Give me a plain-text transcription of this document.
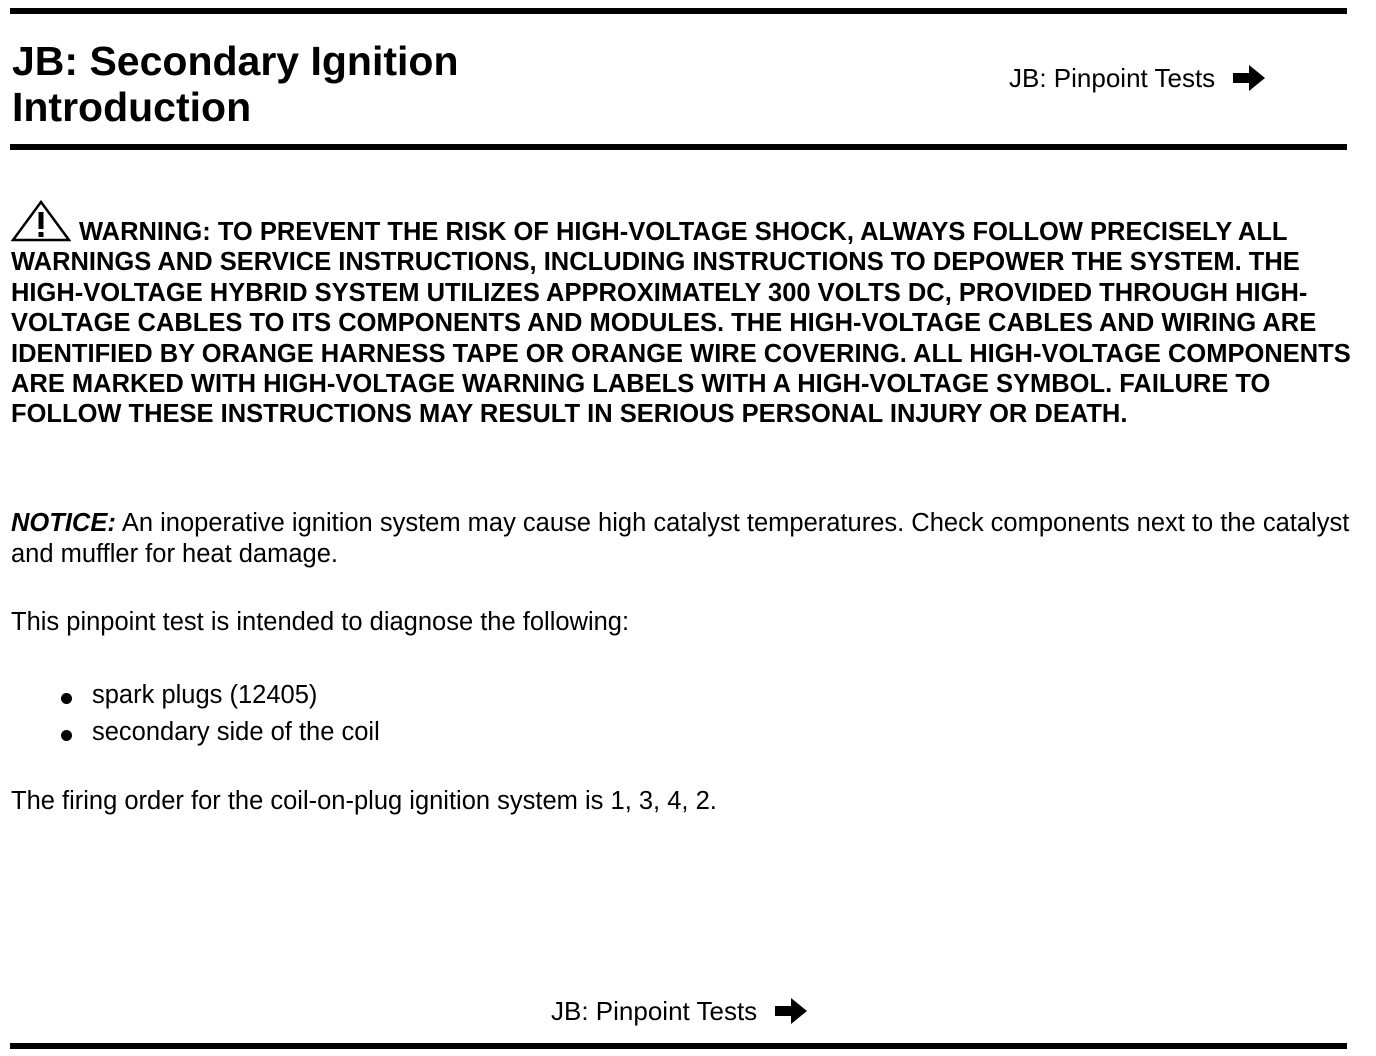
JB: Secondary Ignition
Introduction
JB: Pinpoint Tests

WARNING: TO PREVENT THE RISK OF HIGH-VOLTAGE SHOCK, ALWAYS FOLLOW PRECISELY ALL WARNINGS AND SERVICE INSTRUCTIONS, INCLUDING INSTRUCTIONS TO DEPOWER THE SYSTEM. THE HIGH-VOLTAGE HYBRID SYSTEM UTILIZES APPROXIMATELY 300 VOLTS DC, PROVIDED THROUGH HIGH-VOLTAGE CABLES TO ITS COMPONENTS AND MODULES. THE HIGH-VOLTAGE CABLES AND WIRING ARE IDENTIFIED BY ORANGE HARNESS TAPE OR ORANGE WIRE COVERING. ALL HIGH-VOLTAGE COMPONENTS ARE MARKED WITH HIGH-VOLTAGE WARNING LABELS WITH A HIGH-VOLTAGE SYMBOL. FAILURE TO FOLLOW THESE INSTRUCTIONS MAY RESULT IN SERIOUS PERSONAL INJURY OR DEATH.

NOTICE: An inoperative ignition system may cause high catalyst temperatures. Check components next to the catalyst and muffler for heat damage.

This pinpoint test is intended to diagnose the following:

spark plugs (12405)
secondary side of the coil

The firing order for the coil-on-plug ignition system is 1, 3, 4, 2.

JB: Pinpoint Tests
